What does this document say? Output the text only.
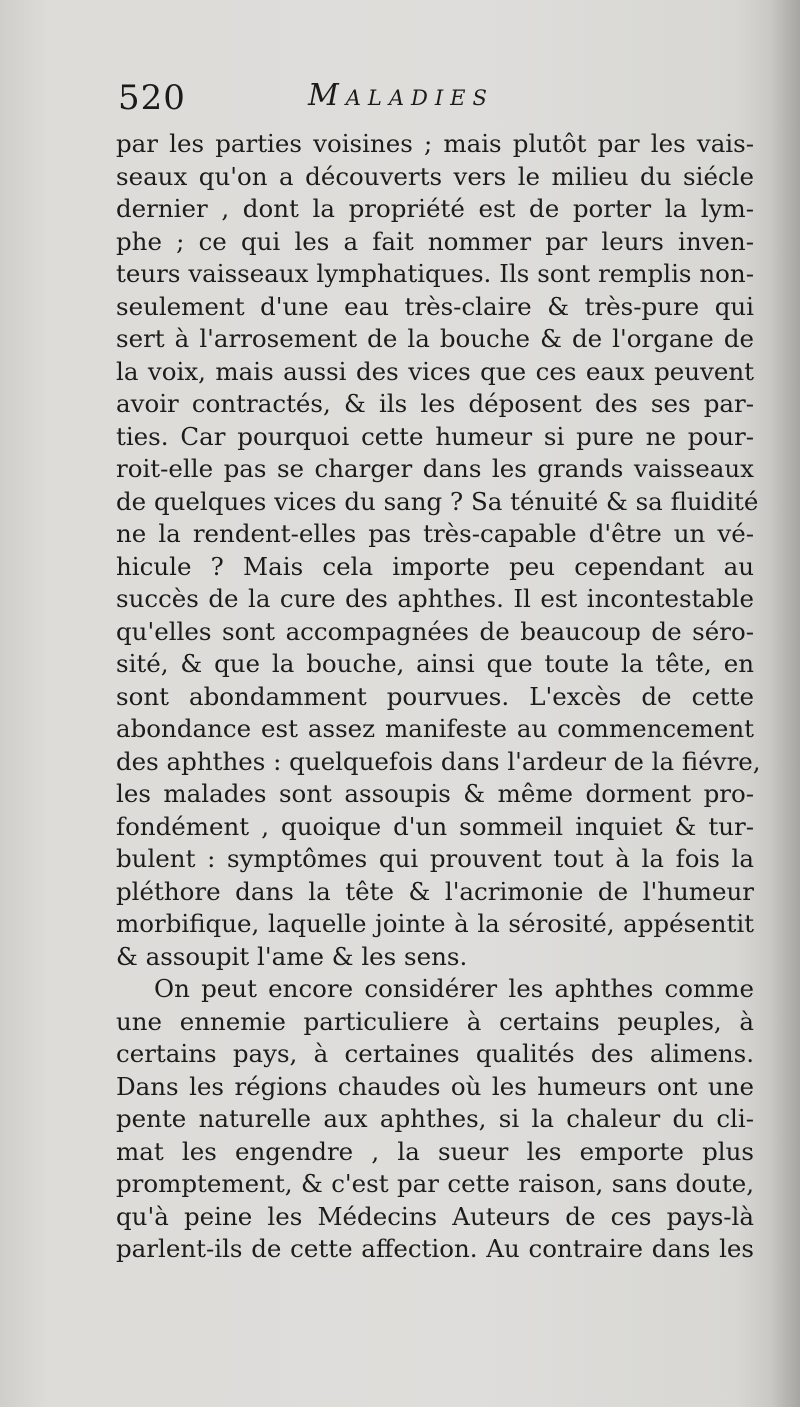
520	Maladies
par les parties voisines ; mais plutôt par les vais-
seaux qu'on a découverts vers le milieu du siécle
dernier , dont la propriété est de porter la lym-
phe ; ce qui les a fait nommer par leurs inven-
teurs vaisseaux lymphatiques. Ils sont remplis non-
seulement d'une eau très-claire & très-pure qui
sert à l'arrosement de la bouche & de l'organe de
la voix, mais aussi des vices que ces eaux peuvent
avoir contractés, & ils les déposent des ses par-
ties. Car pourquoi cette humeur si pure ne pour-
roit-elle pas se charger dans les grands vaisseaux
de quelques vices du sang ? Sa ténuité & sa fluidité
ne la rendent-elles pas très-capable d'être un vé-
hicule ? Mais cela importe peu cependant au
succès de la cure des aphthes. Il est incontestable
qu'elles sont accompagnées de beaucoup de séro-
sité, & que la bouche, ainsi que toute la tête, en
sont abondamment pourvues. L'excès de cette
abondance est assez manifeste au commencement
des aphthes : quelquefois dans l'ardeur de la fiévre,
les malades sont assoupis & même dorment pro-
fondément , quoique d'un sommeil inquiet & tur-
bulent : symptômes qui prouvent tout à la fois la
pléthore dans la tête & l'acrimonie de l'humeur
morbifique, laquelle jointe à la sérosité, appésentit
& assoupit l'ame & les sens.
On peut encore considérer les aphthes comme
une ennemie particuliere à certains peuples, à
certains pays, à certaines qualités des alimens.
Dans les régions chaudes où les humeurs ont une
pente naturelle aux aphthes, si la chaleur du cli-
mat les engendre , la sueur les emporte plus
promptement, & c'est par cette raison, sans doute,
qu'à peine les Médecins Auteurs de ces pays-là
parlent-ils de cette affection. Au contraire dans les
